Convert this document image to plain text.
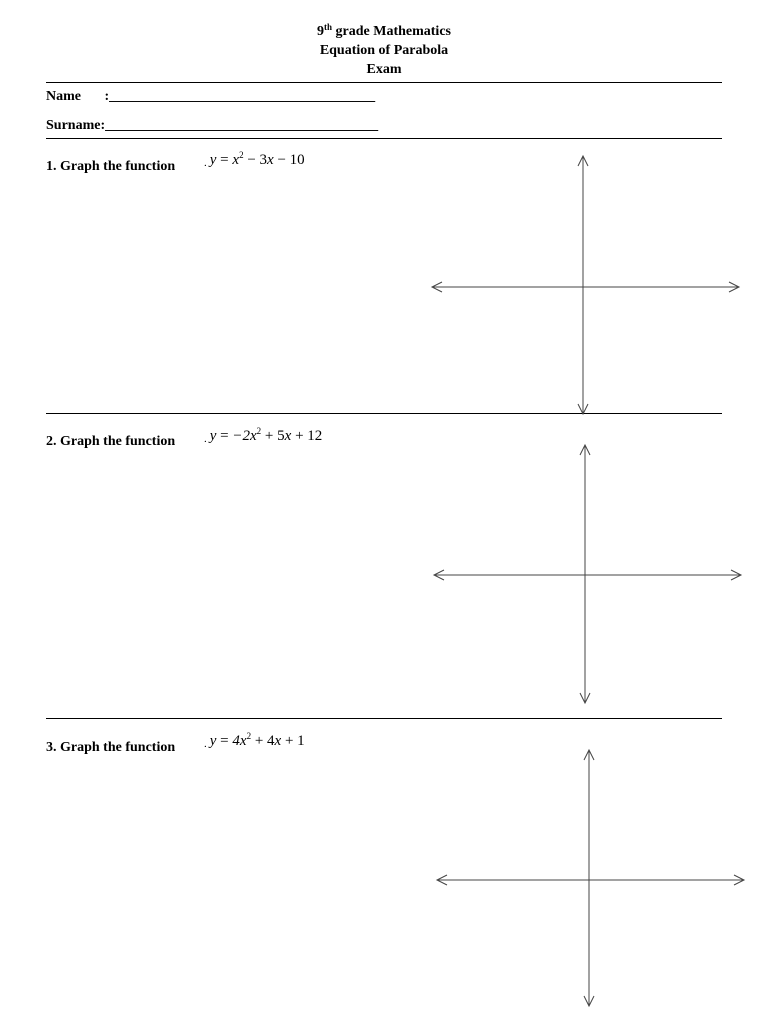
9th grade Mathematics
Equation of Parabola
Exam
Name :______________________________________
Surname:_______________________________________
1. Graph the function	. $y = x^2 - 3x - 10$
2. Graph the function	. $y = -2x^2 + 5x + 12$
3. Graph the function	. $y = 4x^2 + 4x + 1$
